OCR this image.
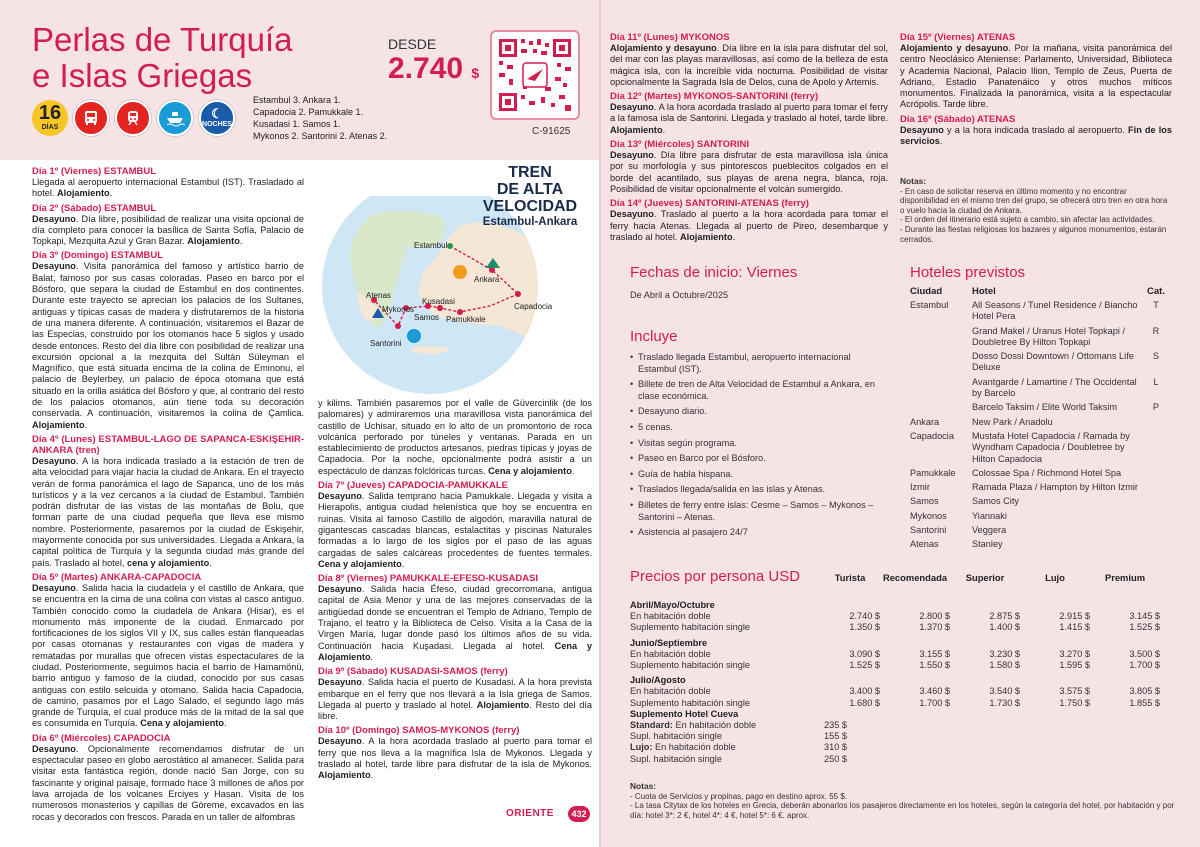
Perlas de Turquía
e Islas Griegas
16
DÍAS
☾
NOCHES
Estambul 3. Ankara 1.
Capadocia 2. Pamukkale 1.
Kusadasi 1. Samos 1.
Mykonos 2. Santorini 2. Atenas 2.
DESDE
2.740 $
C-91625
TREN
DE ALTA
VELOCIDAD
Estambul-Ankara
Estambul
Ankara
Capadocia
Atenas
Kusadasi
Mykonos
Samos Pamukkale
Santorini
Día 1º (Viernes) ESTAMBUL

Llegada al aeropuerto internacional Estambul (IST). Trasladado al hotel. Alojamiento.

Día 2º (Sábado) ESTAMBUL

Desayuno. Día libre, posibilidad de realizar una visita opcional de día completo para conocer la basílica de Santa Sofía, Palacio de Topkapi, Mezquita Azul y Gran Bazar. Alojamiento.

Día 3º (Domingo) ESTAMBUL

Desayuno. Visita panorámica del famoso y artístico barrio de Balat, famoso por sus casas coloradas. Paseo en barco por el Bósforo, que separa la ciudad de Estambul en dos continentes. Durante este trayecto se aprecian los palacios de los Sultanes, antiguas y típicas casas de madera y disfrutaremos de la historia de una manera diferente. A continuación, visitaremos el Bazar de las Especias, construido por los otomanos hace 5 siglos y usado desde entonces. Resto del día libre con posibilidad de realizar una excursión opcional a la mezquita del Sultán Süleyman el Magnífico, que está situada encima de la colina de Eminonu, el palacio de Beylerbey, un palacio de época otomana que está situado en la orilla asiática del Bósforo y que, al contrario del resto de los palacios otomanos, aún tiene toda su decoración conservada. A continuación, visitaremos la colina de Çamlica. Alojamiento.

Día 4º (Lunes) ESTAMBUL-LAGO DE SAPANCA-ESKIŞEHIR-ANKARA (tren)

Desayuno. A la hora indicada traslado a la estación de tren de alta velocidad para viajar hacia la ciudad de Ankara. En el trayecto verán de forma panorámica el lago de Sapanca, uno de los más turísticos y a la vez cercanos a la ciudad de Estambul. También podrán disfrutar de las vistas de las montañas de Bolu, que forman parte de una ciudad pequeña que lleva ese mismo nombre. Posteriormente, pasaremos por la ciudad de Eskişehir, mayormente conocida por sus universidades. Llegada a Ankara, la capital política de Turquía y la segunda ciudad más grande del país. Traslado al hotel, cena y alojamiento.

Día 5º (Martes) ANKARA-CAPADOCIA

Desayuno. Salida hacia la ciudadela y el castillo de Ankara, que se encuentra en la cima de una colina con vistas al casco antiguo. También conocido como la ciudadela de Ankara (Hisar), es el monumento más imponente de la ciudad. Enmarcado por fortificaciones de los siglos VII y IX, sus calles están flanqueadas por casas otomanas y restaurantes con vigas de madera y rematadas por murallas que ofrecen vistas espectaculares de la ciudad. Posteriormente, seguimos hacia el barrio de Hamamönü, barrio antiguo y famoso de la ciudad, conocido por sus casas antiguas con estilo selcuida y otomano. Salida hacia Capadocia, de camino, pasamos por el Lago Salado, el segundo lago más grande de Turquía, el cual produce más de la mitad de la sal que es consumida en Turquía. Cena y alojamiento.

Día 6º (Miércoles) CAPADOCIA

Desayuno. Opcionalmente recomendamos disfrutar de un espectacular paseo en globo aerostático al amanecer. Salida para visitar esta fantástica región, donde nació San Jorge, con su fascinante y original paisaje, formado hace 3 millones de años por lava arrojada de los volcanes Erciyes y Hasan. Visita de los numerosos monasterios y capillas de Göreme, excavados en las rocas y decorados con frescos. Parada en un taller de alfombras

y kilims. También pasaremos por el valle de Güvercinlik (de los palomares) y admiraremos una maravillosa vista panorámica del castillo de Uchisar, situado en lo alto de un promontorio de roca volcánica perforado por túneles y ventanas. Parada en un establecimiento de productos artesanos, piedras típicas y joyas de Capadocia. Por la noche, opcionalmente podrá asistir a un espectáculo de danzas folclóricas turcas. Cena y alojamiento.

Día 7º (Jueves) CAPADOCIA-PAMUKKALE

Desayuno. Salida temprano hacia Pamukkale. Llegada y visita a Hierapolis, antigua ciudad helenística que hoy se encuentra en ruinas. Visita al famoso Castillo de algodón, maravilla natural de gigantescas cascadas blancas, estalactitas y piscinas Naturales formadas a lo largo de los siglos por el paso de las aguas cargadas de sales calcáreas procedentes de fuentes termales. Cena y alojamiento.

Día 8º (Viernes) PAMUKKALE-EFESO-KUSADASI

Desayuno. Salida hacia Éfeso, ciudad grecorromana, antigua capital de Asia Menor y una de las mejores conservadas de la antigüedad donde se encuentran el Templo de Adriano, Templo de Trajano, el teatro y la Biblioteca de Celso. Visita a la Casa de la Virgen María, lugar donde pasó los últimos años de su vida. Continuación hacia Kuşadasi. Llegada al hotel. Cena y Alojamiento.

Día 9º (Sábado) KUSADASI-SAMOS (ferry)

Desayuno. Salida hacia el puerto de Kusadasi. A la hora prevista embarque en el ferry que nos llevará a la Isla griega de Samos. Llegada al puerto y traslado al hotel. Alojamiento. Resto del día libre.

Día 10º (Domingo) SAMOS-MYKONOS (ferry)

Desayuno. A la hora acordada traslado al puerto para tomar el ferry que nos lleva a la magnífica Isla de Mykonos. Llegada y traslado al hotel, tarde libre para disfrutar de la isla de Mykonos. Alojamiento.

Día 11º (Lunes) MYKONOS

Alojamiento y desayuno. Día libre en la isla para disfrutar del sol, del mar con las playas maravillosas, así como de la belleza de esta mágica isla, con la increíble vida nocturna. Posibilidad de visitar opcionalmente la Sagrada Isla de Delos, cuna de Apolo y Artemis.

Día 12º (Martes) MYKONOS-SANTORINI (ferry)

Desayuno. A la hora acordada traslado al puerto para tomar el ferry a la famosa isla de Santorini. Llegada y traslado al hotel, tarde libre. Alojamiento.

Día 13º (Miércoles) SANTORINI

Desayuno. Día libre para disfrutar de esta maravillosa isla única por su morfología y sus pintorescos pueblecitos colgados en el borde del acantilado, sus playas de arena negra, blanca, roja. Posibilidad de visitar opcionalmente el volcán sumergido.

Día 14º (Jueves) SANTORINI-ATENAS (ferry)

Desayuno. Traslado al puerto a la hora acordada para tomar el ferry hacia Atenas. Llegada al puerto de Pireo, desembarque y traslado al hotel. Alojamiento.

Día 15º (Viernes) ATENAS

Alojamiento y desayuno. Por la mañana, visita panorámica del centro Neoclásico Ateniense: Parlamento, Universidad, Biblioteca y Academia Nacional, Palacio Ilion, Templo de Zeus, Puerta de Adriano, Estadio Panatenáico y otros muchos míticos monumentos. Finalizada la panorámica, visita a la espectacular Acrópolis. Tarde libre.

Día 16º (Sábado) ATENAS

Desayuno y a la hora indicada traslado al aeropuerto. Fin de los servicios.

Notas:
- En caso de solicitar reserva en último momento y no encontrar disponibilidad en el mismo tren del grupo, se ofrecerá otro tren en otra hora o vuelo hacia la ciudad de Ankara.
- El orden del itinerario está sujeto a cambio, sin afectar las actividades.
- Durante las fiestas religiosas los bazares y algunos monumentos, estarán cerrados.
Fechas de inicio: Viernes
De Abril a Octubre/2025
Incluye
• Traslado llegada Estambul, aeropuerto internacional Estambul (IST).
• Billete de tren de Alta Velocidad de Estambul a Ankara, en clase económica.
• Desayuno diario.
• 5 cenas.
• Visitas según programa.
• Paseo en Barco por el Bósforo.
• Guía de habla hispana.
• Traslados llegada/salida en las islas y Atenas.
• Billetes de ferry entre islas: Cesme – Samos – Mykonos – Santorini – Atenas.
• Asistencia al pasajero 24/7
Hoteles previstos
Ciudad	Hotel	Cat.
Estambul	All Seasons / Tunel Residence / Biancho Hotel Pera	T
	Grand Makel / Uranus Hotel Topkapi / Doubletree By Hilton Topkapi	R
	Dosso Dossi Downtown / Ottomans Life Deluxe	S
	Avantgarde / Lamartine / The Occidental by Barcelo	L
	Barcelo Taksim / Elite World Taksim	P
Ankara	New Park / Anadolu	
Capadocia	Mustafa Hotel Capadocia / Ramada by Wyndham Capadocia / Doubletree by Hilton Capadocia	
Pamukkale	Colossae Spa / Richmond Hotel Spa	
Izmir	Ramada Plaza / Hampton by Hilton Izmir	
Samos	Samos City	
Mykonos	Yiannaki	
Santorini	Veggera	
Atenas	Stanley	
Precios por persona USD	Turista	Recomendada	Superior	Lujo	Premium
Abril/Mayo/Octubre					
En habitación doble	2.740 $	2.800 $	2.875 $	2.915 $	3.145 $
Suplemento habitación single	1.350 $	1.370 $	1.400 $	1.415 $	1.525 $
Junio/Septiembre					
En habitación doble	3.090 $	3.155 $	3.230 $	3.270 $	3.500 $
Suplemento habitación single	1.525 $	1.550 $	1.580 $	1.595 $	1.700 $
Julio/Agosto					
En habitación doble	3.400 $	3.460 $	3.540 $	3.575 $	3.805 $
Suplemento habitación single	1.680 $	1.700 $	1.730 $	1.750 $	1.855 $
Suplemento Hotel Cueva					
Standard: En habitación doble	235 $				
Supl. habitación single	155 $				
Lujo: En habitación doble	310 $				
Supl. habitación single	250 $				
Notas:
- Cuota de Servicios y propinas, pago en destino aprox. 55 $.
- La tasa Citytax de los hoteles en Grecia, deberán abonarlos los pasajeros directamente en los hoteles, según la categoría del hotel, por habitación y por día: hotel 3*: 2 €, hotel 4*: 4 €, hotel 5*: 6 €. aprox.
ORIENTE	432
